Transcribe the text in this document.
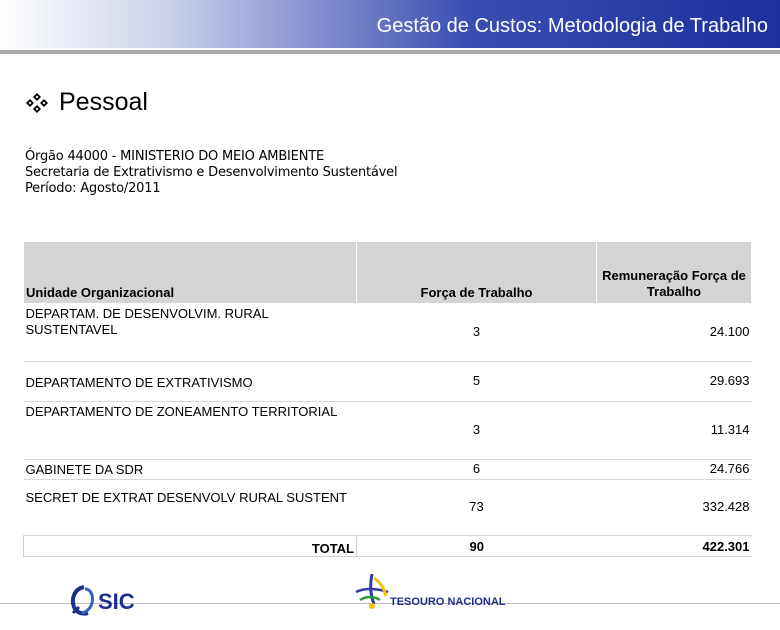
Gestão de Custos: Metodologia de Trabalho
Pessoal
Órgão 44000 - MINISTERIO DO MEIO AMBIENTE
Secretaria de Extrativismo e Desenvolvimento Sustentável
Período: Agosto/2011
Unidade Organizacional	Força de Trabalho	Remuneração Força de Trabalho
DEPARTAM. DE DESENVOLVIM. RURAL SUSTENTAVEL	3	24.100
DEPARTAMENTO DE EXTRATIVISMO	5	29.693
DEPARTAMENTO DE ZONEAMENTO TERRITORIAL	3	11.314
GABINETE DA SDR	6	24.766
SECRET DE EXTRAT DESENVOLV RURAL SUSTENT	73	332.428
TOTAL	90	422.301
SIC	TESOURO NACIONAL
